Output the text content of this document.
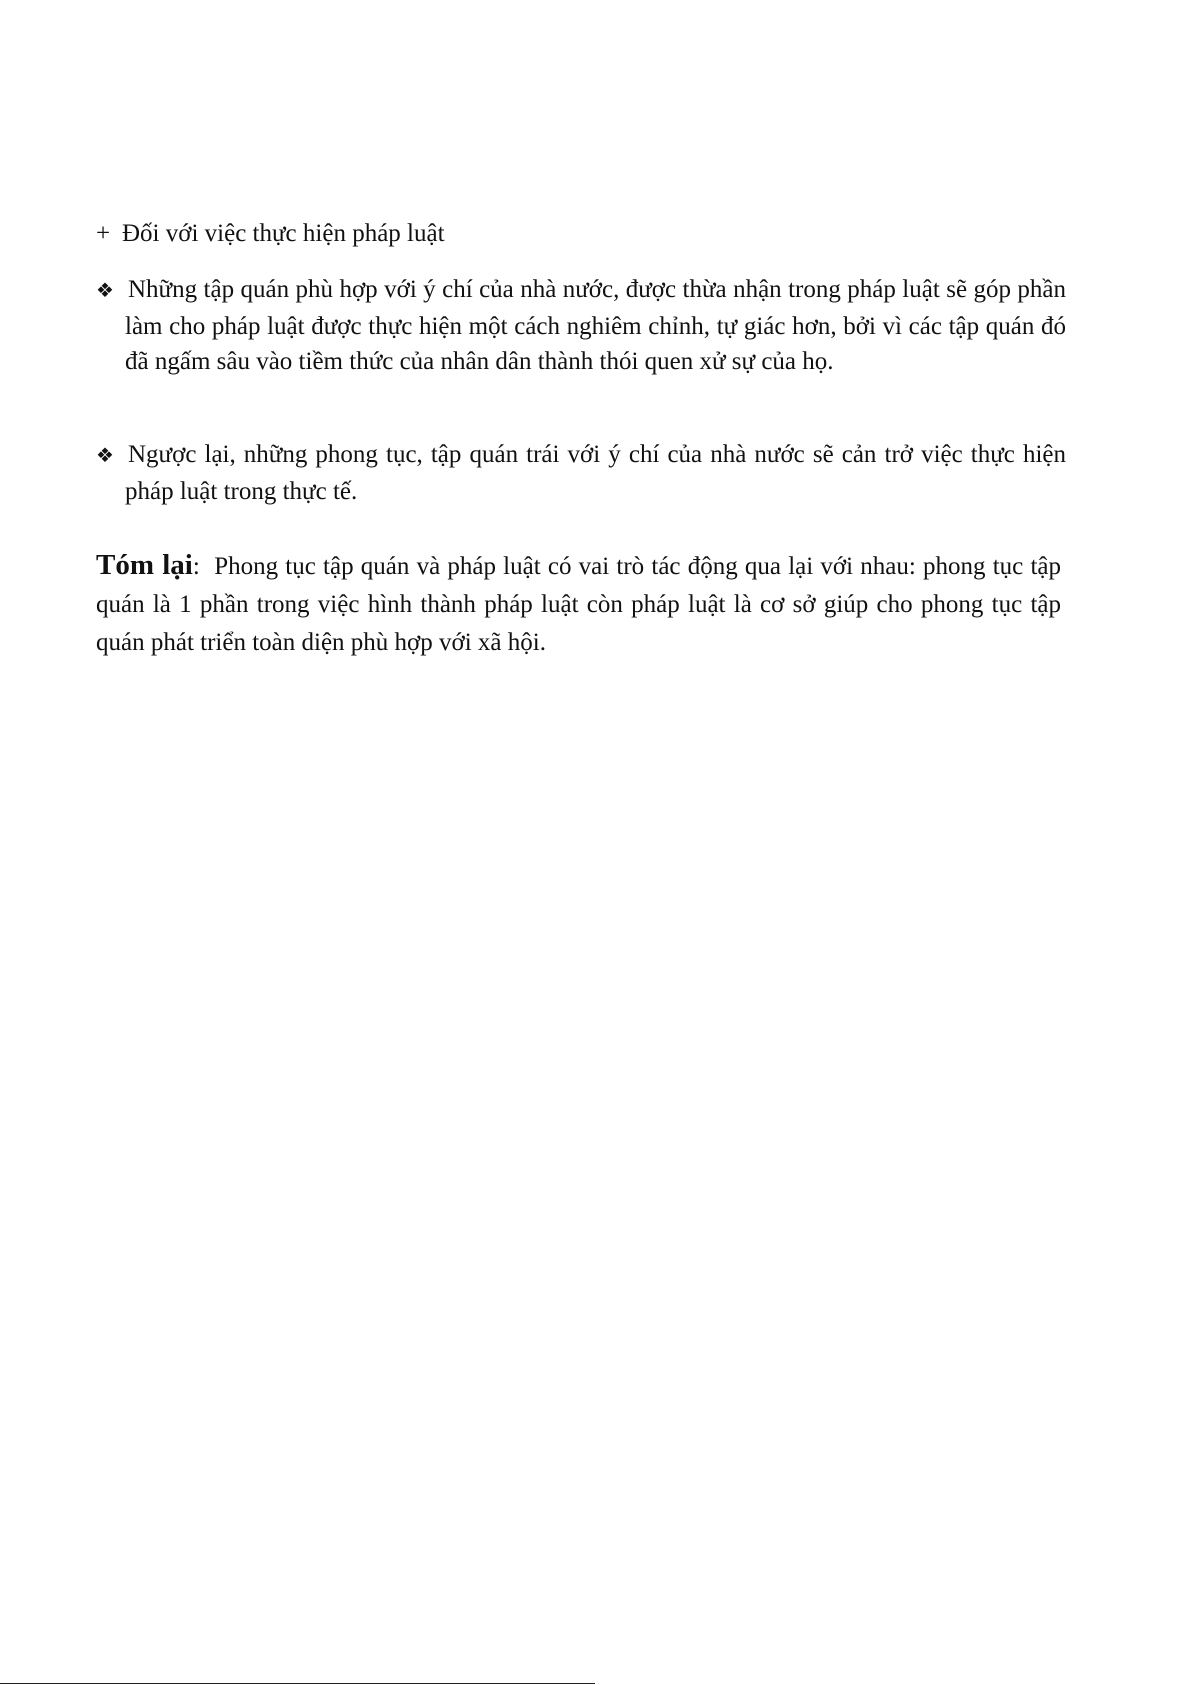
+ Đối với việc thực hiện pháp luật
❖ Những tập quán phù hợp với ý chí của nhà nước, được thừa nhận trong pháp luật sẽ góp phần làm cho pháp luật được thực hiện một cách nghiêm chỉnh, tự giác hơn, bởi vì các tập quán đó đã ngấm sâu vào tiềm thức của nhân dân thành thói quen xử sự của họ.
❖ Ngược lại, những phong tục, tập quán trái với ý chí của nhà nước sẽ cản trở việc thực hiện pháp luật trong thực tế.
Tóm lại: Phong tục tập quán và pháp luật có vai trò tác động qua lại với nhau: phong tục tập quán là 1 phần trong việc hình thành pháp luật còn pháp luật là cơ sở giúp cho phong tục tập quán phát triển toàn diện phù hợp với xã hội.
